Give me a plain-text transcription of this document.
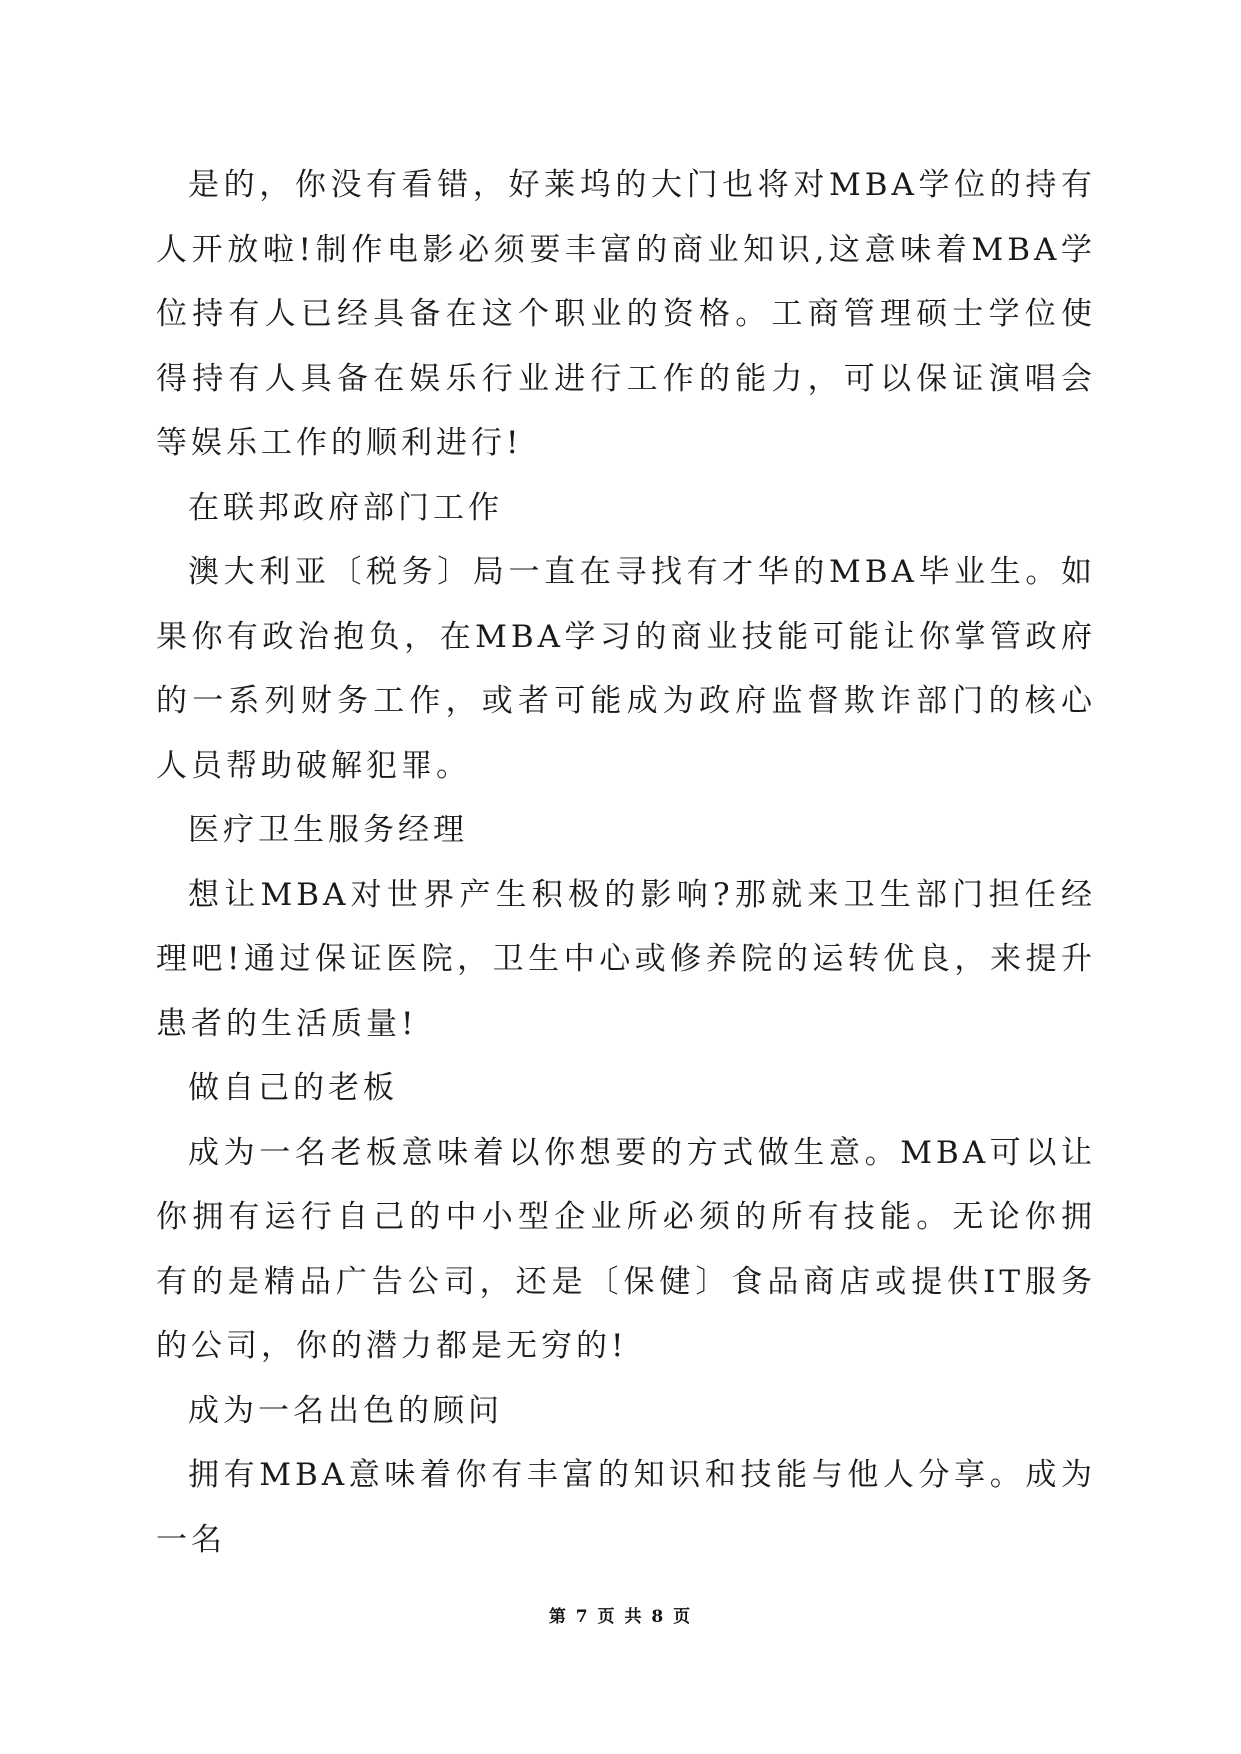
是的，你没有看错，好莱坞的大门也将对MBA学位的持有人开放啦!制作电影必须要丰富的商业知识,这意味着MBA学位持有人已经具备在这个职业的资格。工商管理硕士学位使得持有人具备在娱乐行业进行工作的能力，可以保证演唱会等娱乐工作的顺利进行!

在联邦政府部门工作

澳大利亚〔税务〕局一直在寻找有才华的MBA毕业生。如果你有政治抱负，在MBA学习的商业技能可能让你掌管政府的一系列财务工作，或者可能成为政府监督欺诈部门的核心人员帮助破解犯罪。

医疗卫生服务经理

想让MBA对世界产生积极的影响?那就来卫生部门担任经理吧!通过保证医院，卫生中心或修养院的运转优良，来提升患者的生活质量!

做自己的老板

成为一名老板意味着以你想要的方式做生意。MBA可以让你拥有运行自己的中小型企业所必须的所有技能。无论你拥有的是精品广告公司，还是〔保健〕食品商店或提供IT服务的公司，你的潜力都是无穷的!

成为一名出色的顾问

拥有MBA意味着你有丰富的知识和技能与他人分享。成为一名

第 7 页 共 8 页
